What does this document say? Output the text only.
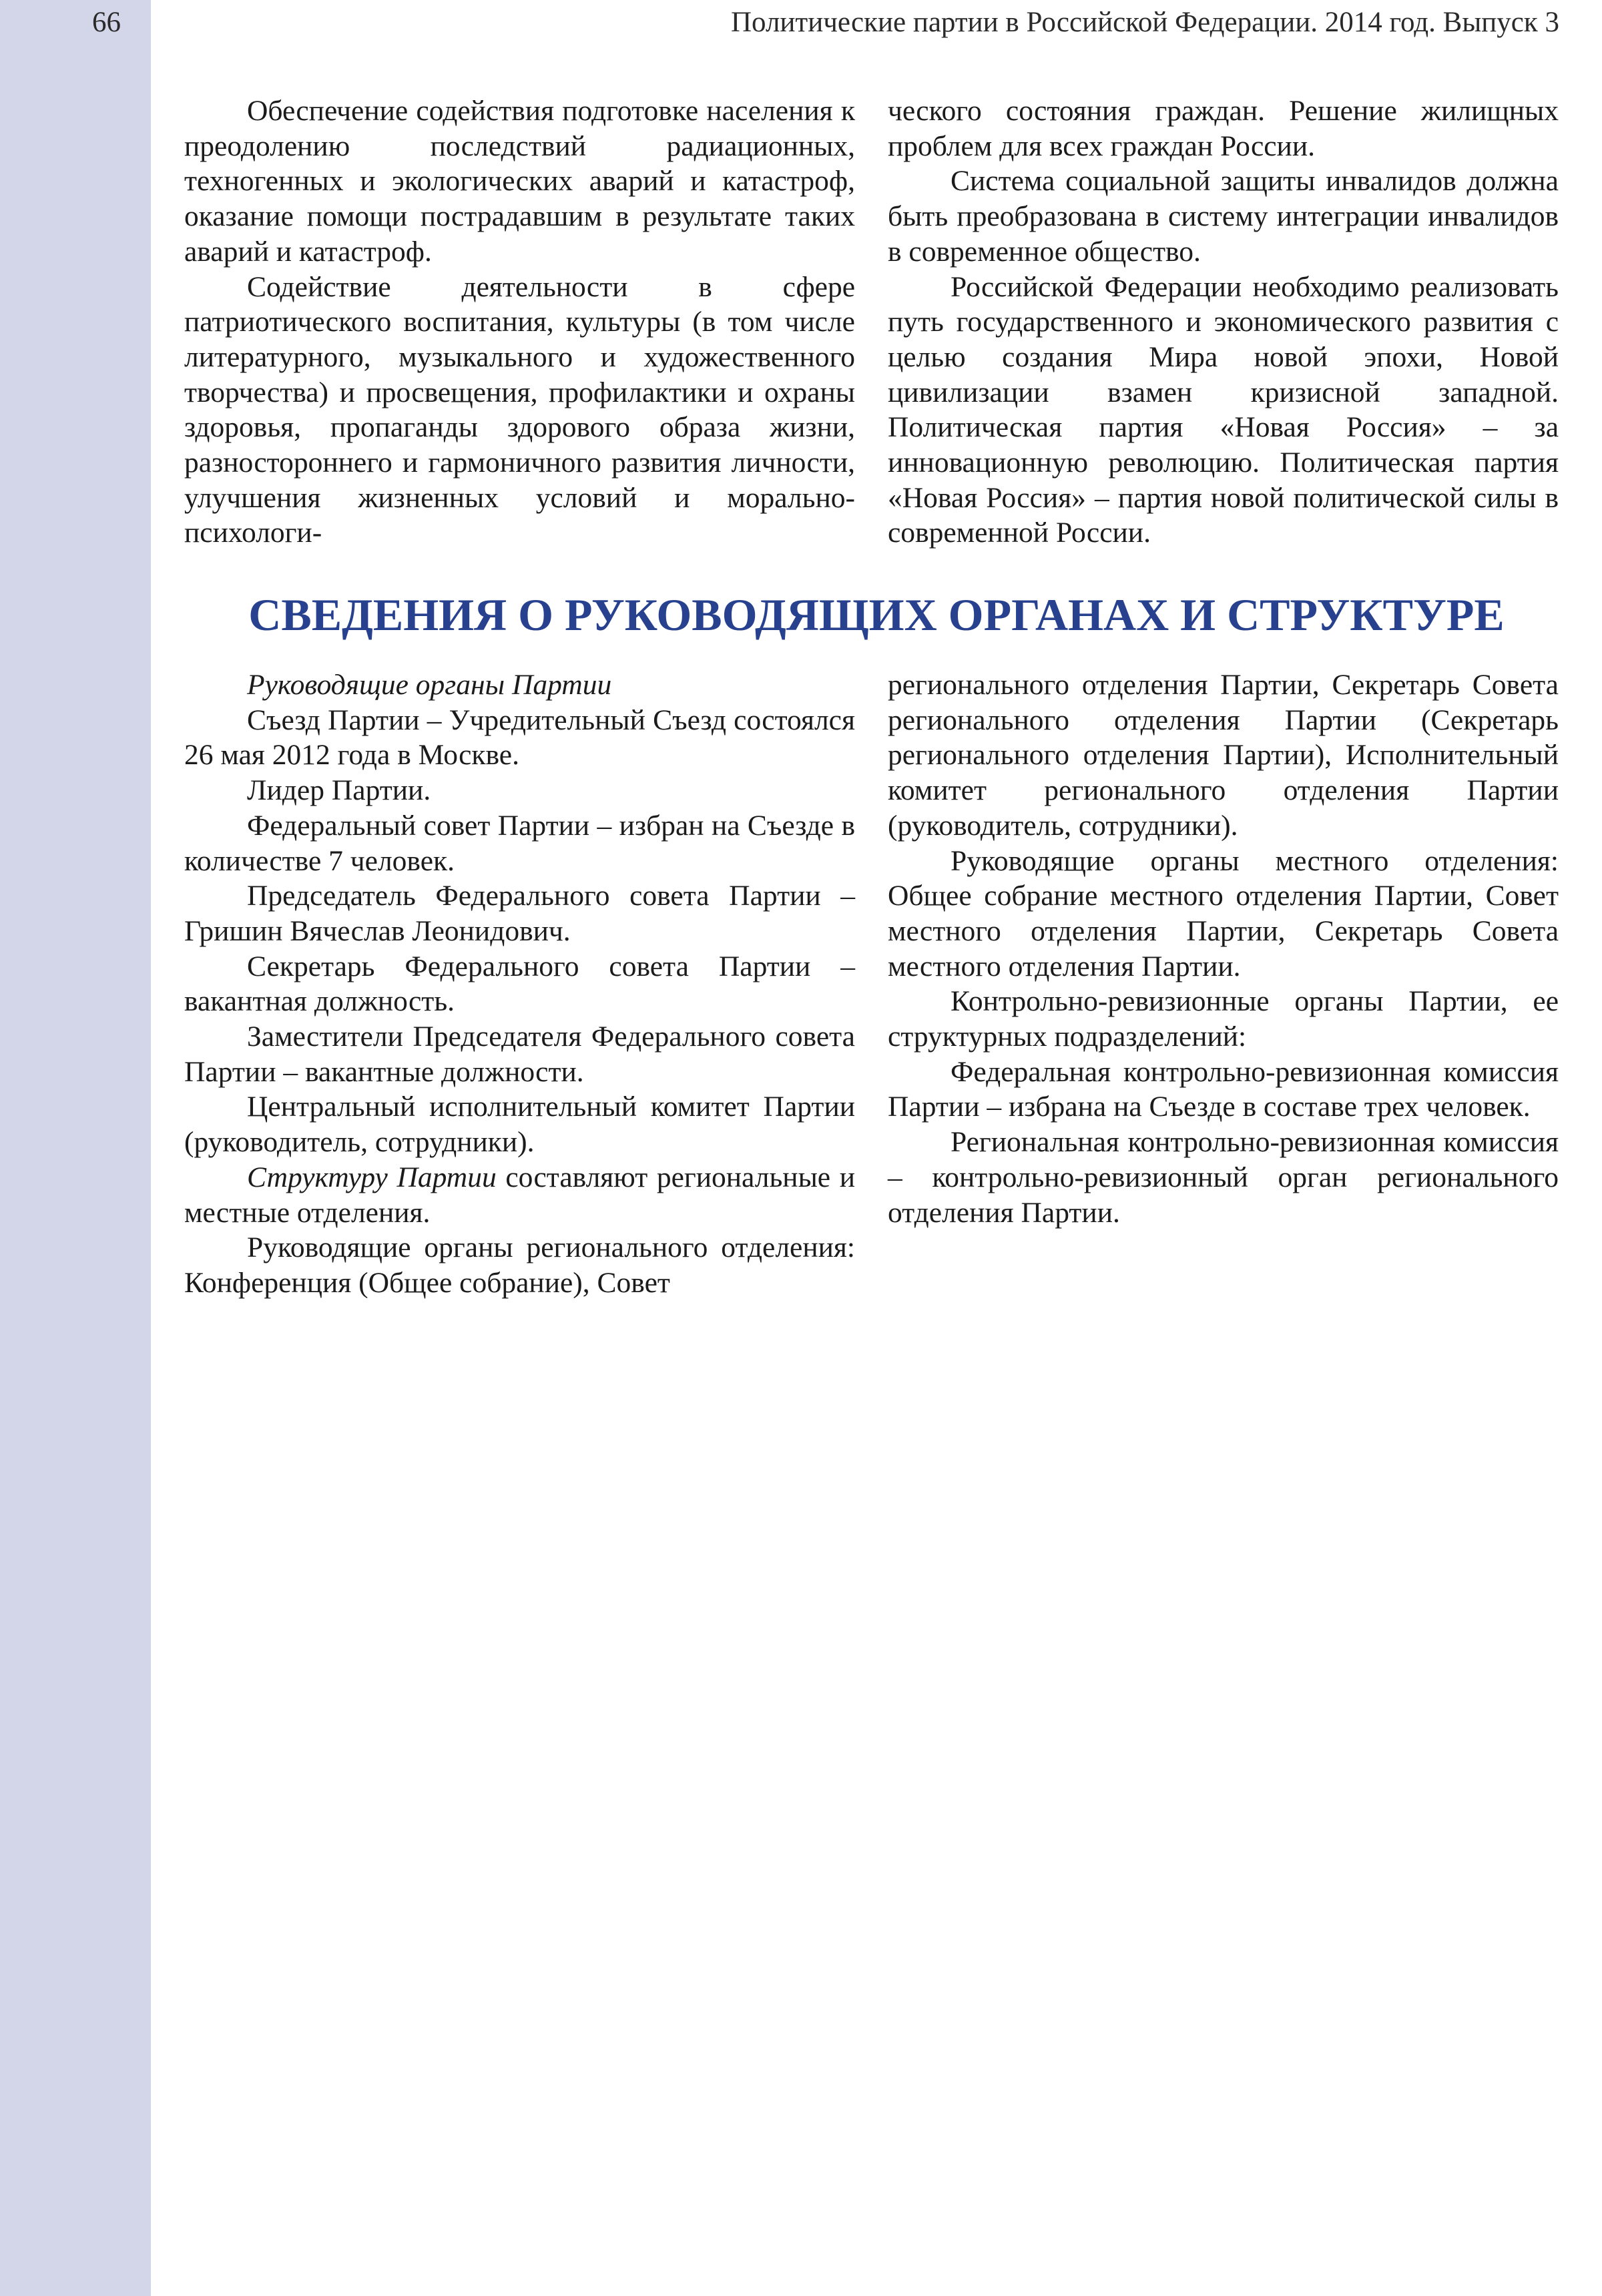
66	Политические партии в Российской Федерации. 2014 год. Выпуск 3

Обеспечение содействия подготовке населения к преодолению последствий радиационных, техногенных и экологических аварий и катастроф, оказание помощи пострадавшим в результате таких аварий и катастроф.

Содействие деятельности в сфере патриотического воспитания, культуры (в том числе литературного, музыкального и художественного творчества) и просвещения, профилактики и охраны здоровья, пропаганды здорового образа жизни, разностороннего и гармоничного развития личности, улучшения жизненных условий и морально-психологи-

ческого состояния граждан. Решение жилищных проблем для всех граждан России.

Система социальной защиты инвалидов должна быть преобразована в систему интеграции инвалидов в современное общество.

Российской Федерации необходимо реализовать путь государственного и экономического развития с целью создания Мира новой эпохи, Новой цивилизации взамен кризисной западной. Политическая партия «Новая Россия» – за инновационную революцию. Политическая партия «Новая Россия» – партия новой политической силы в современной России.

СВЕДЕНИЯ О РУКОВОДЯЩИХ ОРГАНАХ И СТРУКТУРЕ

Руководящие органы Партии

Съезд Партии – Учредительный Съезд состоялся 26 мая 2012 года в Москве.

Лидер Партии.

Федеральный совет Партии – избран на Съезде в количестве 7 человек.

Председатель Федерального совета Партии – Гришин Вячеслав Леонидович.

Секретарь Федерального совета Партии – вакантная должность.

Заместители Председателя Федерального совета Партии – вакантные должности.

Центральный исполнительный комитет Партии (руководитель, сотрудники).

Структуру Партии составляют региональные и местные отделения.

Руководящие органы регионального отделения: Конференция (Общее собрание), Совет

регионального отделения Партии, Секретарь Совета регионального отделения Партии (Секретарь регионального отделения Партии), Исполнительный комитет регионального отделения Партии (руководитель, сотрудники).

Руководящие органы местного отделения: Общее собрание местного отделения Партии, Совет местного отделения Партии, Секретарь Совета местного отделения Партии.

Контрольно-ревизионные органы Партии, ее структурных подразделений:

Федеральная контрольно-ревизионная комиссия Партии – избрана на Съезде в составе трех человек.

Региональная контрольно-ревизионная комиссия – контрольно-ревизионный орган регионального отделения Партии.
